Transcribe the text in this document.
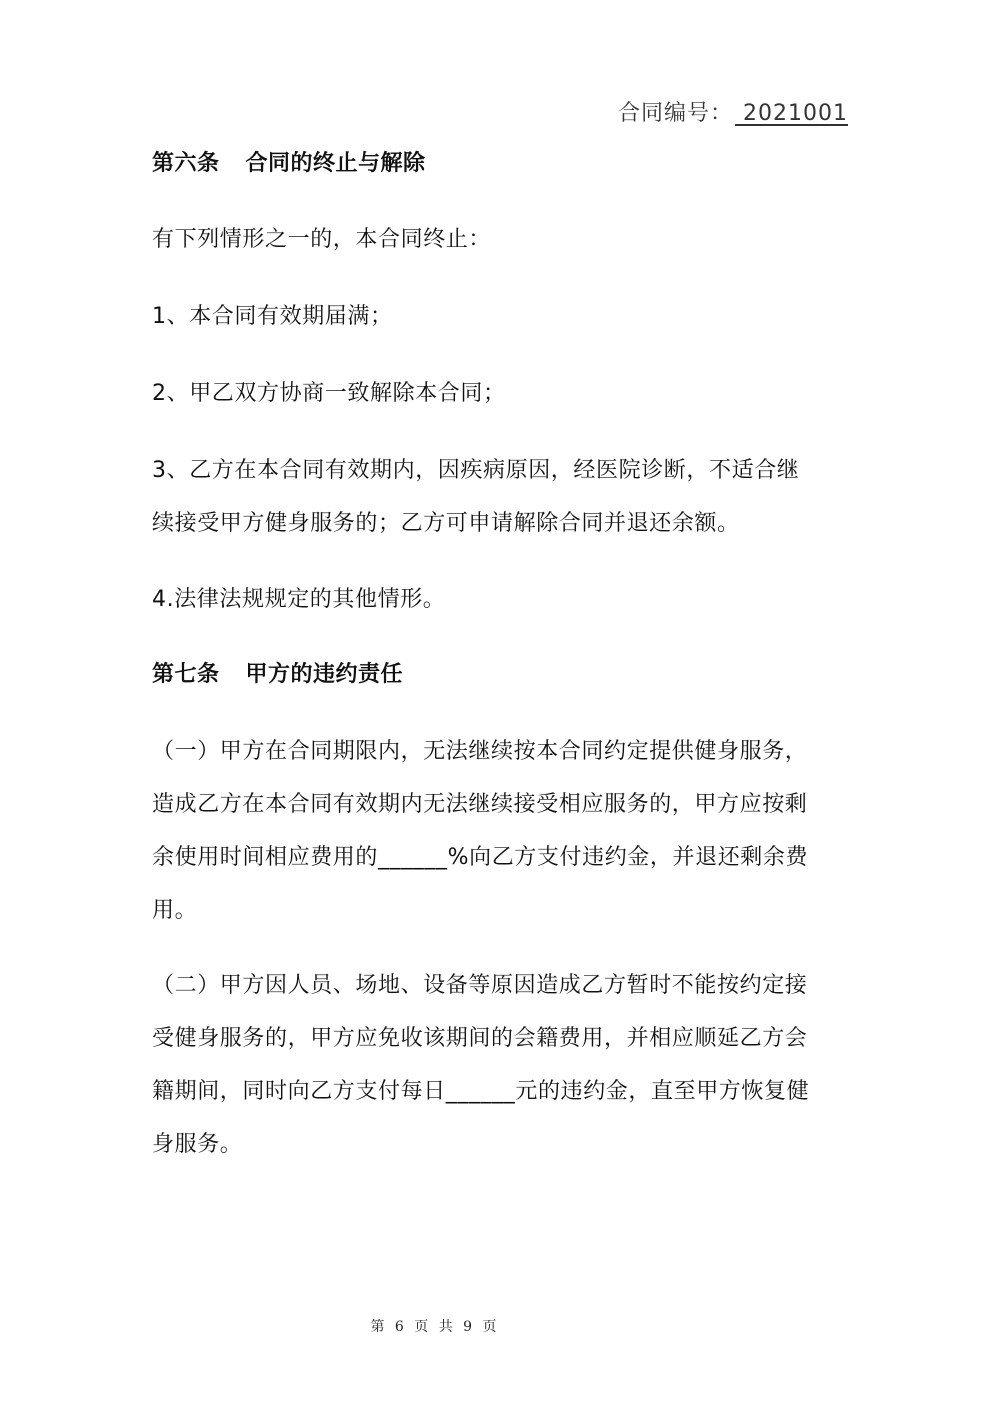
合同编号： 2021001
第六条 合同的终止与解除
有下列情形之一的，本合同终止：
1、本合同有效期届满；
2、甲乙双方协商一致解除本合同；
3、乙方在本合同有效期内，因疾病原因，经医院诊断，不适合继
续接受甲方健身服务的；乙方可申请解除合同并退还余额。
4.法律法规规定的其他情形。
第七条 甲方的违约责任
（一）甲方在合同期限内，无法继续按本合同约定提供健身服务，
造成乙方在本合同有效期内无法继续接受相应服务的，甲方应按剩
余使用时间相应费用的______%向乙方支付违约金，并退还剩余费
用。
（二）甲方因人员、场地、设备等原因造成乙方暂时不能按约定接
受健身服务的，甲方应免收该期间的会籍费用，并相应顺延乙方会
籍期间，同时向乙方支付每日______元的违约金，直至甲方恢复健
身服务。
第 6 页 共 9 页
